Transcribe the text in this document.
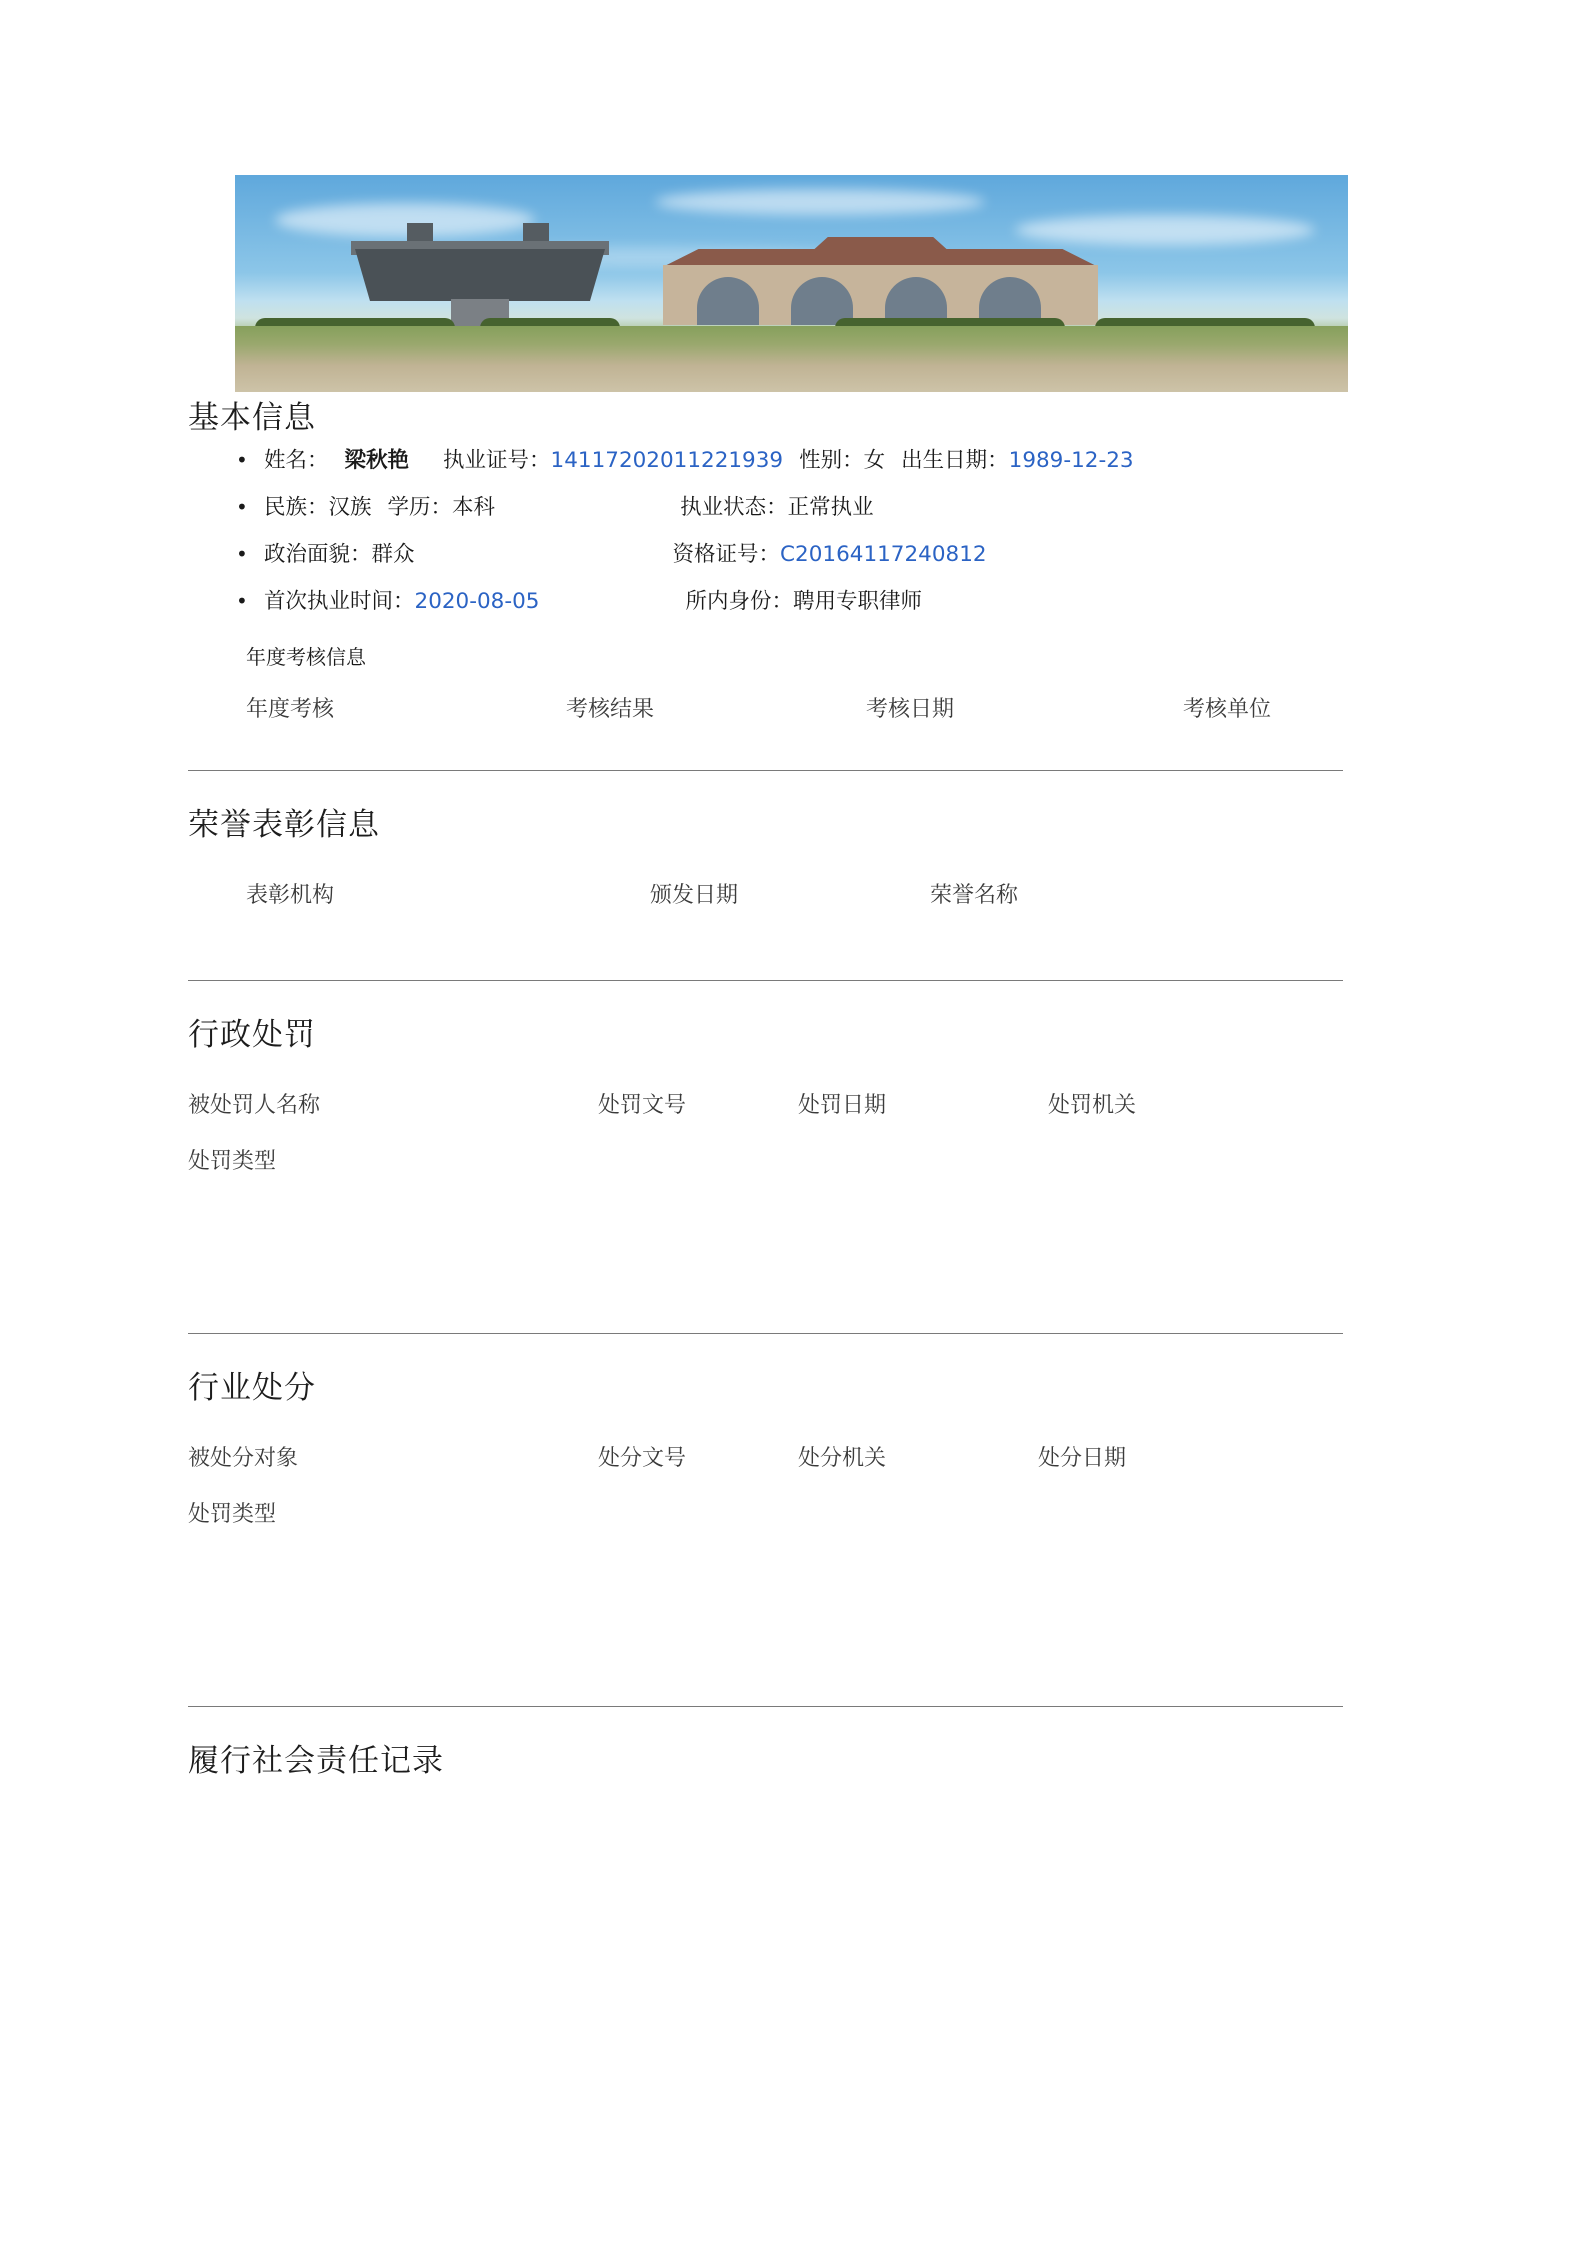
基本信息
• 姓名： 梁秋艳 执业证号：14117202011221939 性别：女 出生日期：1989-12-23
• 民族：汉族 学历：本科	执业状态：正常执业
• 政治面貌：群众	资格证号：C20164117240812
• 首次执业时间：2020-08-05	所内身份：聘用专职律师
年度考核信息
年度考核	考核结果	考核日期	考核单位
荣誉表彰信息
表彰机构	颁发日期	荣誉名称
行政处罚
被处罚人名称	处罚文号	处罚日期	处罚机关
处罚类型
行业处分
被处分对象	处分文号	处分机关	处分日期
处罚类型
履行社会责任记录
